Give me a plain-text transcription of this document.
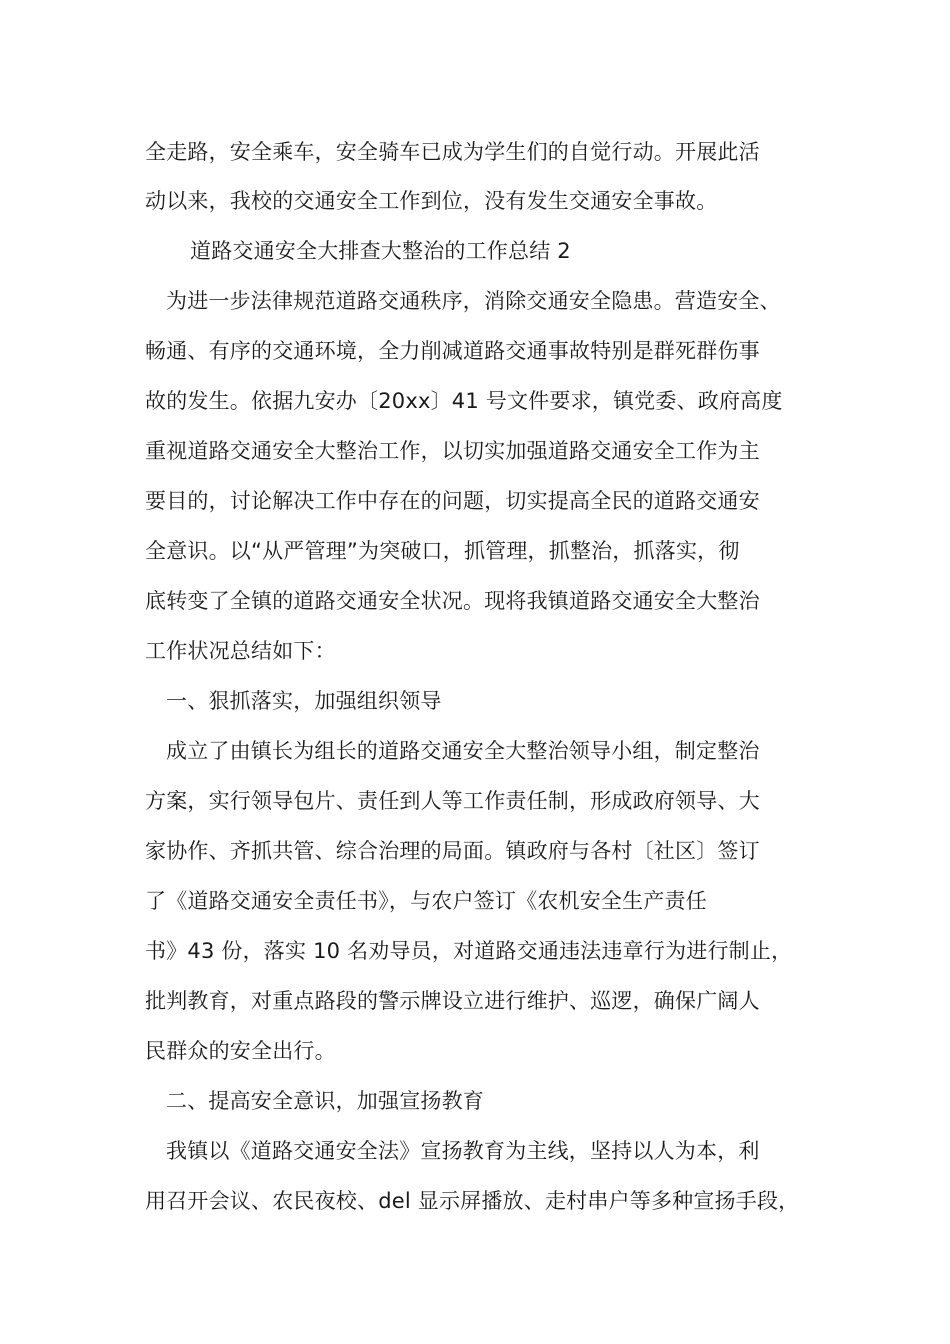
全走路，安全乘车，安全骑车已成为学生们的自觉行动。开展此活
动以来，我校的交通安全工作到位，没有发生交通安全事故。
道路交通安全大排查大整治的工作总结 2
为进一步法律规范道路交通秩序，消除交通安全隐患。营造安全、
畅通、有序的交通环境，全力削减道路交通事故特别是群死群伤事
故的发生。依据九安办〔20xx〕41 号文件要求，镇党委、政府高度
重视道路交通安全大整治工作，以切实加强道路交通安全工作为主
要目的，讨论解决工作中存在的问题，切实提高全民的道路交通安
全意识。以“从严管理”为突破口，抓管理，抓整治，抓落实，彻
底转变了全镇的道路交通安全状况。现将我镇道路交通安全大整治
工作状况总结如下：
一、狠抓落实，加强组织领导
成立了由镇长为组长的道路交通安全大整治领导小组，制定整治
方案，实行领导包片、责任到人等工作责任制，形成政府领导、大
家协作、齐抓共管、综合治理的局面。镇政府与各村〔社区〕签订
了《道路交通安全责任书》，与农户签订《农机安全生产责任
书》43 份，落实 10 名劝导员，对道路交通违法违章行为进行制止，
批判教育，对重点路段的警示牌设立进行维护、巡逻，确保广阔人
民群众的安全出行。
二、提高安全意识，加强宣扬教育
我镇以《道路交通安全法》宣扬教育为主线，坚持以人为本，利
用召开会议、农民夜校、del 显示屏播放、走村串户等多种宣扬手段，
